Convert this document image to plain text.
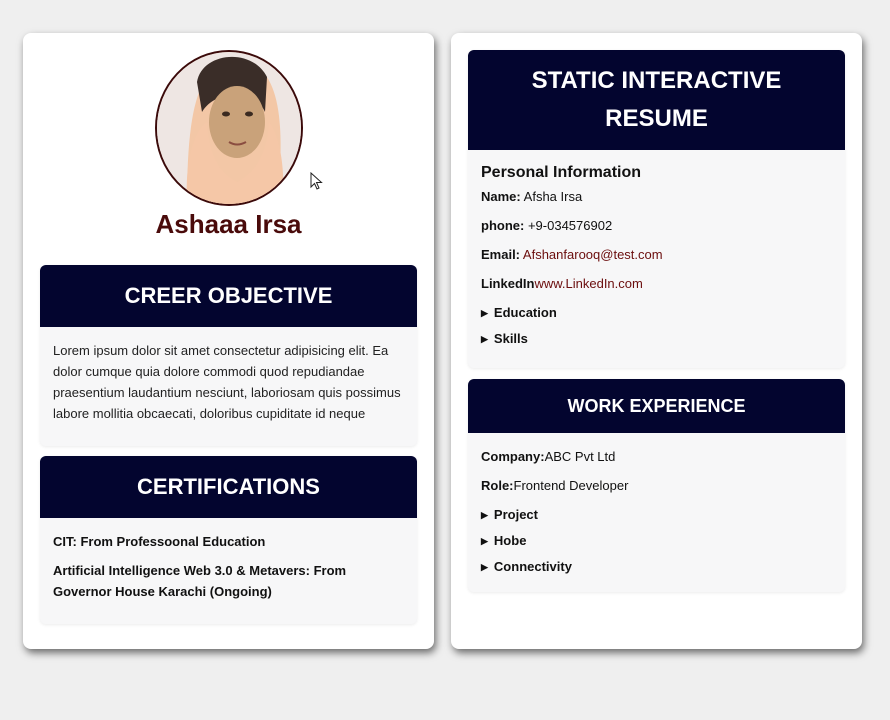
Ashaaa Irsa
CREER OBJECTIVE
Lorem ipsum dolor sit amet consectetur adipisicing elit. Ea dolor cumque quia dolore commodi quod repudiandae praesentium laudantium nesciunt, laboriosam quis possimus labore mollitia obcaecati, doloribus cupiditate id neque
CERTIFICATIONS
CIT: From Professoonal Education
Artificial Intelligence Web 3.0 & Metavers: From Governor House Karachi (Ongoing)
STATIC INTERACTIVE
RESUME
Personal Information
Name: Afsha Irsa
phone: +9-034576902
Email: Afshanfarooq@test.com
LinkedInwww.LinkedIn.com
▶ Education
▶ Skills
WORK EXPERIENCE
Company:ABC Pvt Ltd
Role:Frontend Developer
▶ Project
▶ Hobe
▶ Connectivity
